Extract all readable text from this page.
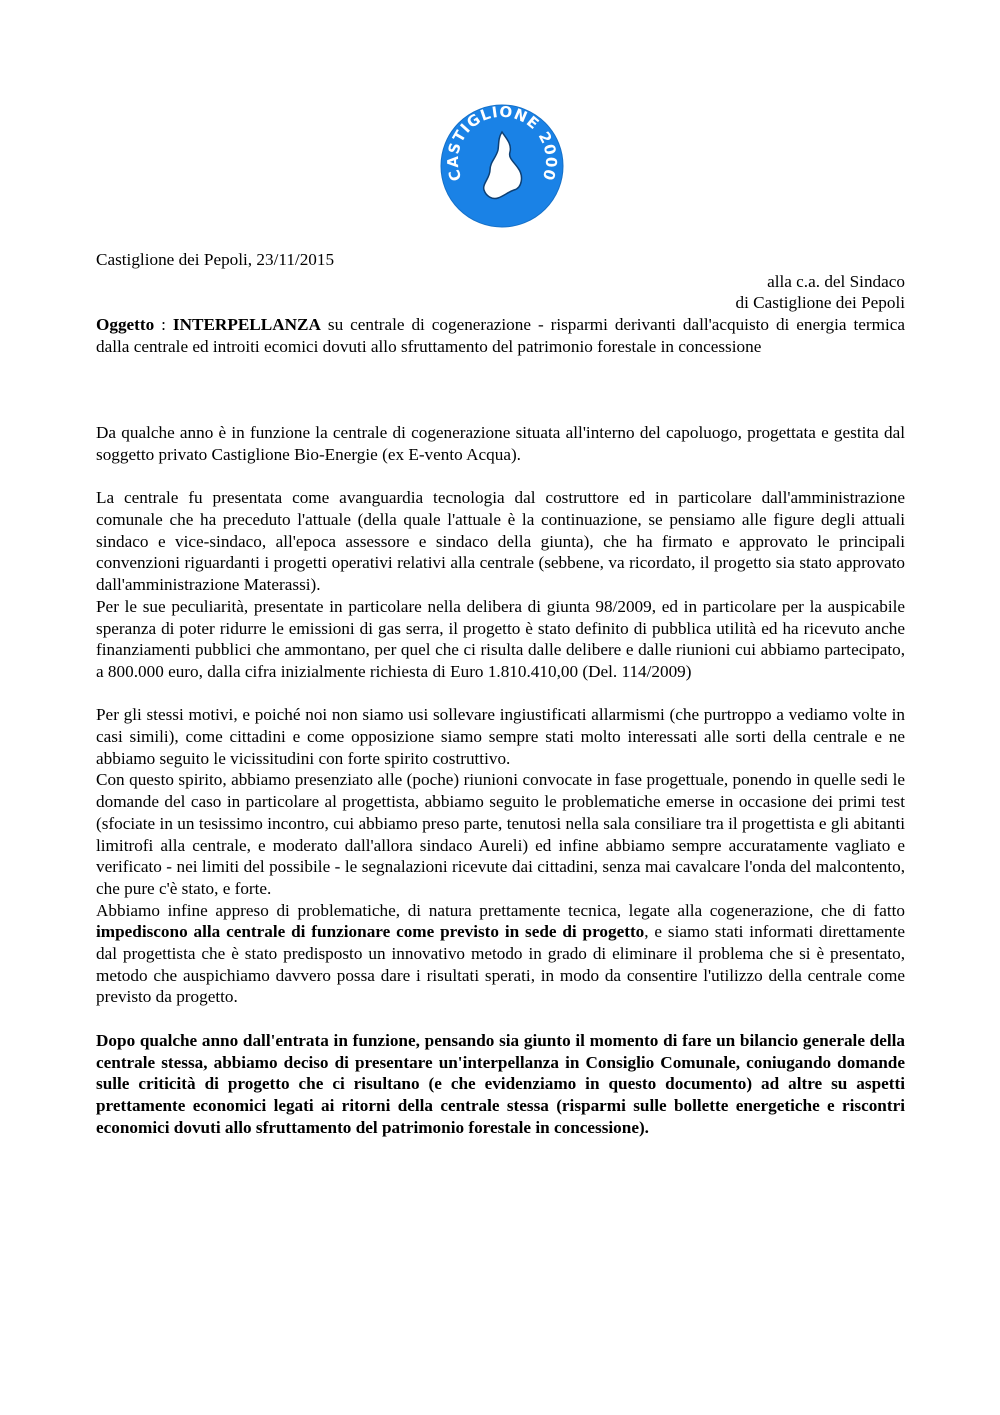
CASTIGLIONE 2000

Castiglione dei Pepoli, 23/11/2015

alla c.a. del Sindaco

di Castiglione dei Pepoli

Oggetto : INTERPELLANZA su centrale di cogenerazione - risparmi derivanti dall'acquisto di energia termica dalla centrale ed introiti ecomici dovuti allo sfruttamento del patrimonio forestale in concessione

Da qualche anno è in funzione la centrale di cogenerazione situata all'interno del capoluogo, progettata e gestita dal soggetto privato Castiglione Bio-Energie (ex E-vento Acqua).

La centrale fu presentata come avanguardia tecnologia dal costruttore ed in particolare dall'amministrazione comunale che ha preceduto l'attuale (della quale l'attuale è la continuazione, se pensiamo alle figure degli attuali sindaco e vice-sindaco, all'epoca assessore e sindaco della giunta), che ha firmato e approvato le principali convenzioni riguardanti i progetti operativi relativi alla centrale (sebbene, va ricordato, il progetto sia stato approvato dall'amministrazione Materassi).

Per le sue peculiarità, presentate in particolare nella delibera di giunta 98/2009, ed in particolare per la auspicabile speranza di poter ridurre le emissioni di gas serra, il progetto è stato definito di pubblica utilità ed ha ricevuto anche finanziamenti pubblici che ammontano, per quel che ci risulta dalle delibere e dalle riunioni cui abbiamo partecipato, a 800.000 euro, dalla cifra inizialmente richiesta di Euro 1.810.410,00 (Del. 114/2009)

Per gli stessi motivi, e poiché noi non siamo usi sollevare ingiustificati allarmismi (che purtroppo a vediamo volte in casi simili), come cittadini e come opposizione siamo sempre stati molto interessati alle sorti della centrale e ne abbiamo seguito le vicissitudini con forte spirito costruttivo.

Con questo spirito, abbiamo presenziato alle (poche) riunioni convocate in fase progettuale, ponendo in quelle sedi le domande del caso in particolare al progettista, abbiamo seguito le problematiche emerse in occasione dei primi test (sfociate in un tesissimo incontro, cui abbiamo preso parte, tenutosi nella sala consiliare tra il progettista e gli abitanti limitrofi alla centrale, e moderato dall'allora sindaco Aureli) ed infine abbiamo sempre accuratamente vagliato e verificato - nei limiti del possibile - le segnalazioni ricevute dai cittadini, senza mai cavalcare l'onda del malcontento, che pure c'è stato, e forte.

Abbiamo infine appreso di problematiche, di natura prettamente tecnica, legate alla cogenerazione, che di fatto impediscono alla centrale di funzionare come previsto in sede di progetto, e siamo stati informati direttamente dal progettista che è stato predisposto un innovativo metodo in grado di eliminare il problema che si è presentato, metodo che auspichiamo davvero possa dare i risultati sperati, in modo da consentire l'utilizzo della centrale come previsto da progetto.

Dopo qualche anno dall'entrata in funzione, pensando sia giunto il momento di fare un bilancio generale della centrale stessa, abbiamo deciso di presentare un'interpellanza in Consiglio Comunale, coniugando domande sulle criticità di progetto che ci risultano (e che evidenziamo in questo documento) ad altre su aspetti prettamente economici legati ai ritorni della centrale stessa (risparmi sulle bollette energetiche e riscontri economici dovuti allo sfruttamento del patrimonio forestale in concessione).
